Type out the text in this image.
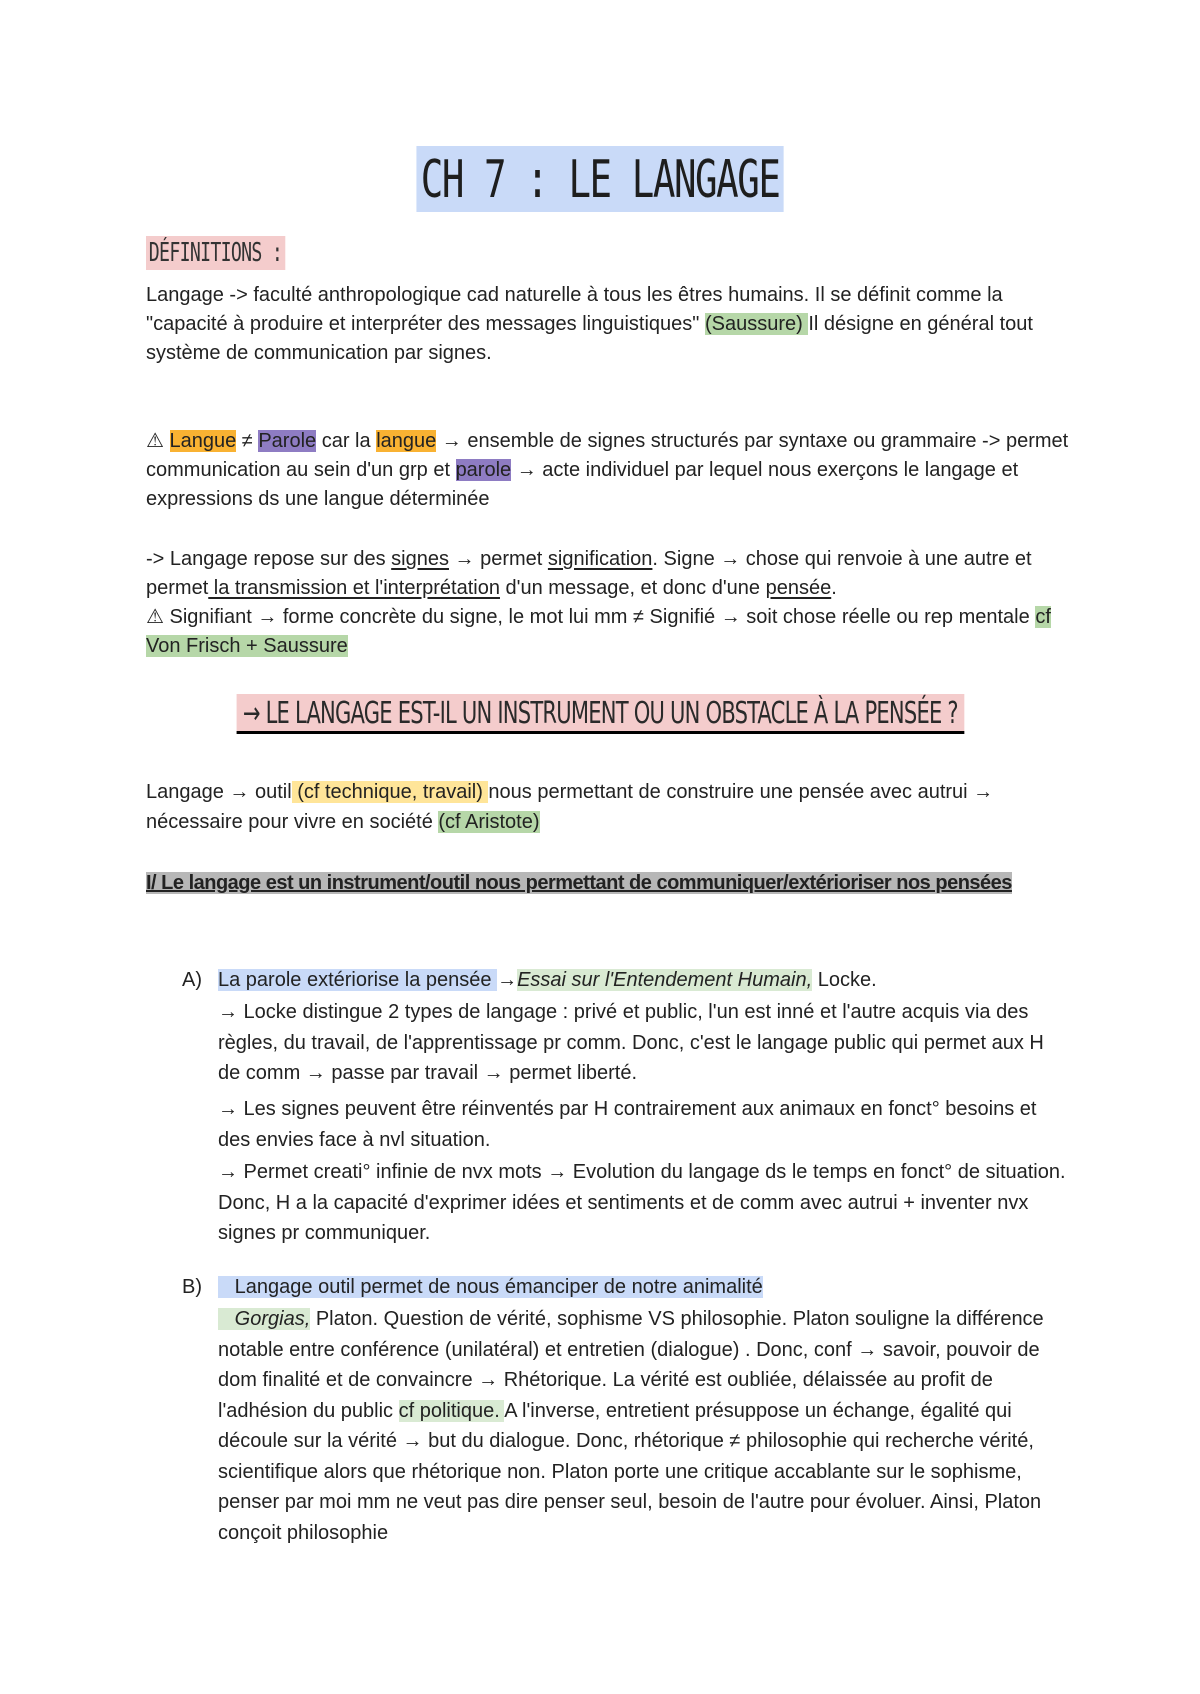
CH 7 : LE LANGAGE
DÉFINITIONS :

Langage -> faculté anthropologique cad naturelle à tous les êtres humains. Il se définit comme la "capacité à produire et interpréter des messages linguistiques" (Saussure) Il désigne en général tout système de communication par signes.

⚠ Langue ≠ Parole car la langue → ensemble de signes structurés par syntaxe ou grammaire -> permet communication au sein d'un grp et parole → acte individuel par lequel nous exerçons le langage et expressions ds une langue déterminée

-> Langage repose sur des signes → permet signification. Signe → chose qui renvoie à une autre et permet la transmission et l'interprétation d'un message, et donc d'une pensée.
⚠ Signifiant → forme concrète du signe, le mot lui mm ≠ Signifié → soit chose réelle ou rep mentale cf Von Frisch + Saussure

→ LE LANGAGE EST-IL UN INSTRUMENT OU UN OBSTACLE À LA PENSÉE ?

Langage → outil (cf technique, travail) nous permettant de construire une pensée avec autrui → nécessaire pour vivre en société (cf Aristote)

I/ Le langage est un instrument/outil nous permettant de communiquer/extérioriser nos pensées
A) La parole extériorise la pensée →Essai sur l'Entendement Humain, Locke.
→ Locke distingue 2 types de langage : privé et public, l'un est inné et l'autre acquis via des règles, du travail, de l'apprentissage pr comm. Donc, c'est le langage public qui permet aux H de comm → passe par travail → permet liberté.
→ Les signes peuvent être réinventés par H contrairement aux animaux en fonct° besoins et des envies face à nvl situation.
→ Permet creati° infinie de nvx mots → Evolution du langage ds le temps en fonct° de situation. Donc, H a la capacité d'exprimer idées et sentiments et de comm avec autrui + inventer nvx signes pr communiquer.
B)   Langage outil permet de nous émanciper de notre animalité
Gorgias, Platon. Question de vérité, sophisme VS philosophie. Platon souligne la différence notable entre conférence (unilatéral) et entretien (dialogue) . Donc, conf → savoir, pouvoir de dom finalité et de convaincre → Rhétorique. La vérité est oubliée, délaissée au profit de l'adhésion du public cf politique. A l'inverse, entretient présuppose un échange, égalité qui découle sur la vérité → but du dialogue. Donc, rhétorique ≠ philosophie qui recherche vérité, scientifique alors que rhétorique non. Platon porte une critique accablante sur le sophisme, penser par moi mm ne veut pas dire penser seul, besoin de l'autre pour évoluer. Ainsi, Platon conçoit philosophie
